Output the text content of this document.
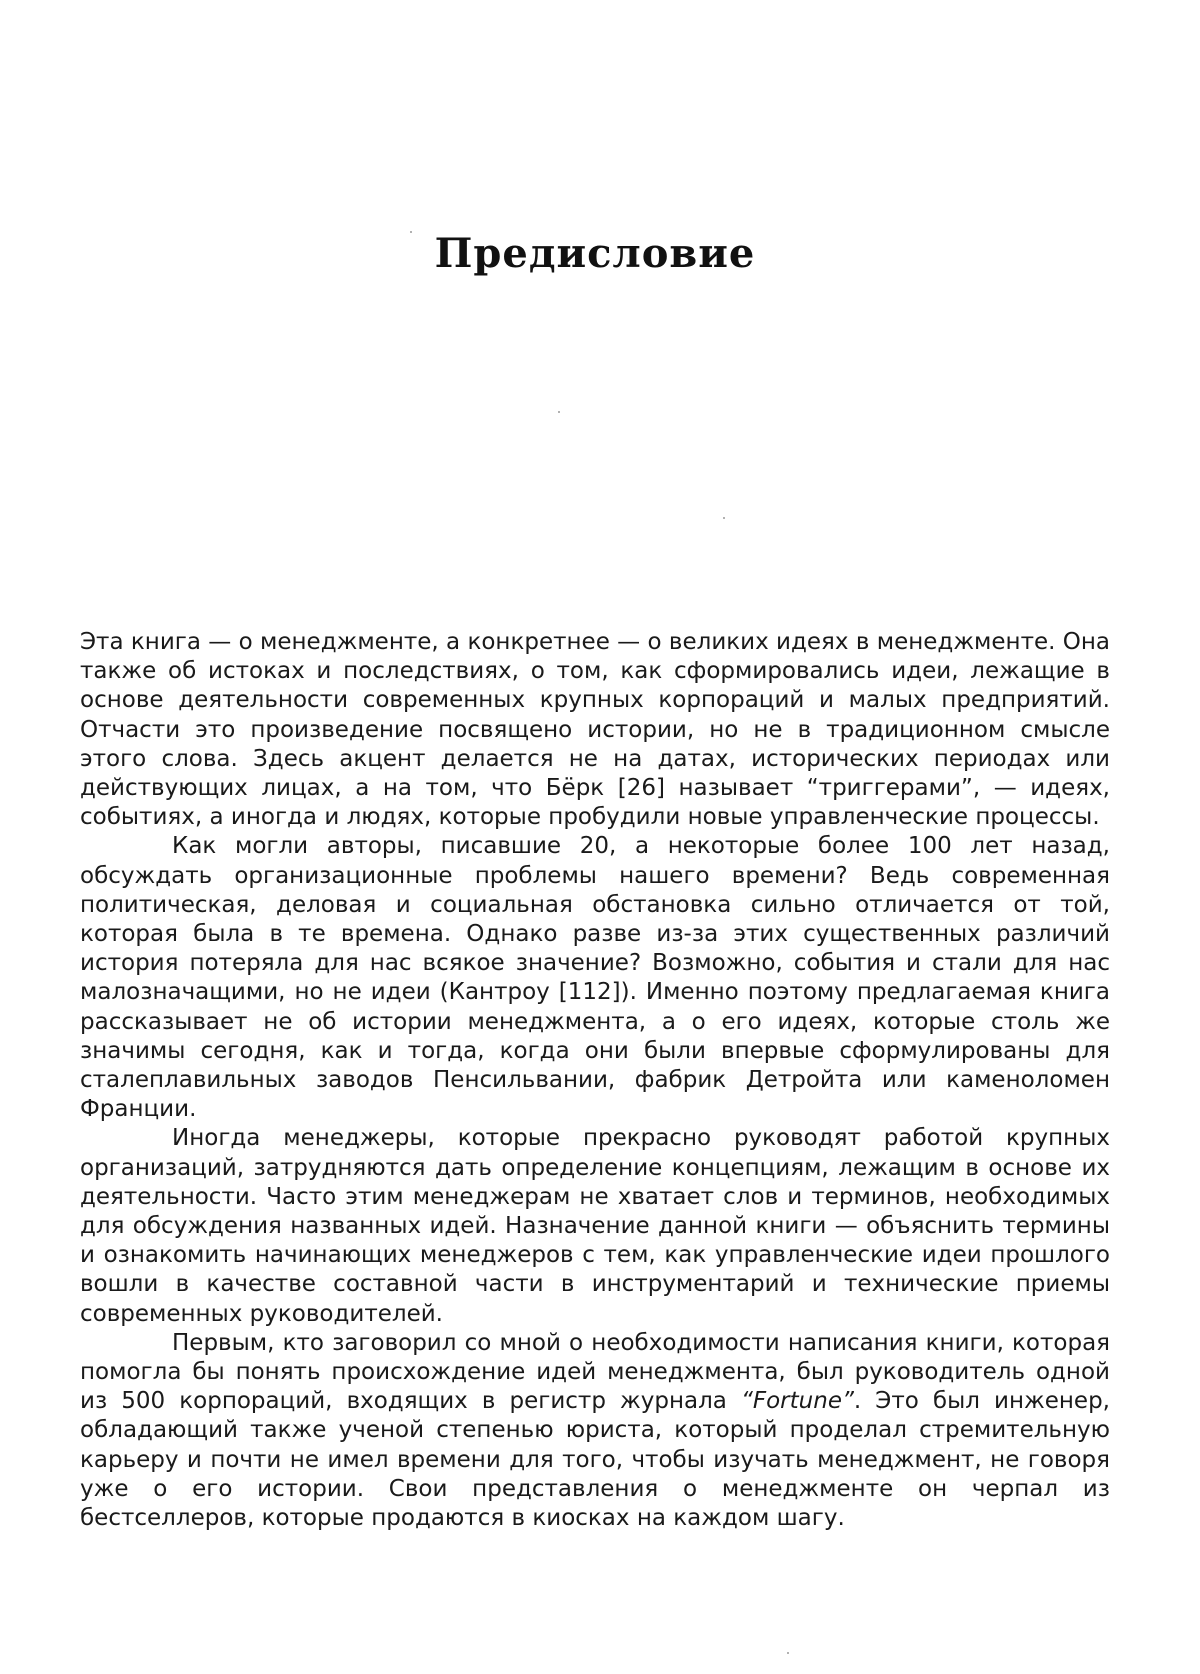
Предисловие

Эта книга — о менеджменте, а конкретнее — о великих идеях в менеджменте. Она также об истоках и последствиях, о том, как сформировались идеи, лежащие в основе деятельности современных крупных корпораций и малых предприятий. Отчасти это произведение посвящено истории, но не в традиционном смысле этого слова. Здесь акцент делается не на датах, исторических периодах или действующих лицах, а на том, что Бёрк [26] называет “триггерами”, — идеях, событиях, а иногда и людях, которые пробудили новые управленческие процессы.

Как могли авторы, писавшие 20, а некоторые более 100 лет назад, обсуждать организационные проблемы нашего времени? Ведь современная политическая, деловая и социальная обстановка сильно отличается от той, которая была в те времена. Однако разве из-за этих существенных различий история потеряла для нас всякое значение? Возможно, события и стали для нас малозначащими, но не идеи (Кантроу [112]). Именно поэтому предлагаемая книга рассказывает не об истории менеджмента, а о его идеях, которые столь же значимы сегодня, как и тогда, когда они были впервые сформулированы для сталеплавильных заводов Пенсильвании, фабрик Детройта или каменоломен Франции.

Иногда менеджеры, которые прекрасно руководят работой крупных организаций, затрудняются дать определение концепциям, лежащим в основе их деятельности. Часто этим менеджерам не хватает слов и терминов, необходимых для обсуждения названных идей. Назначение данной книги — объяснить термины и ознакомить начинающих менеджеров с тем, как управленческие идеи прошлого вошли в качестве составной части в инструментарий и технические приемы современных руководителей.

Первым, кто заговорил со мной о необходимости написания книги, которая помогла бы понять происхождение идей менеджмента, был руководитель одной из 500 корпораций, входящих в регистр журнала “Fortune”. Это был инженер, обладающий также ученой степенью юриста, который проделал стремительную карьеру и почти не имел времени для того, чтобы изучать менеджмент, не говоря уже о его истории. Свои представления о менеджменте он черпал из бестселлеров, которые продаются в киосках на каждом шагу.
